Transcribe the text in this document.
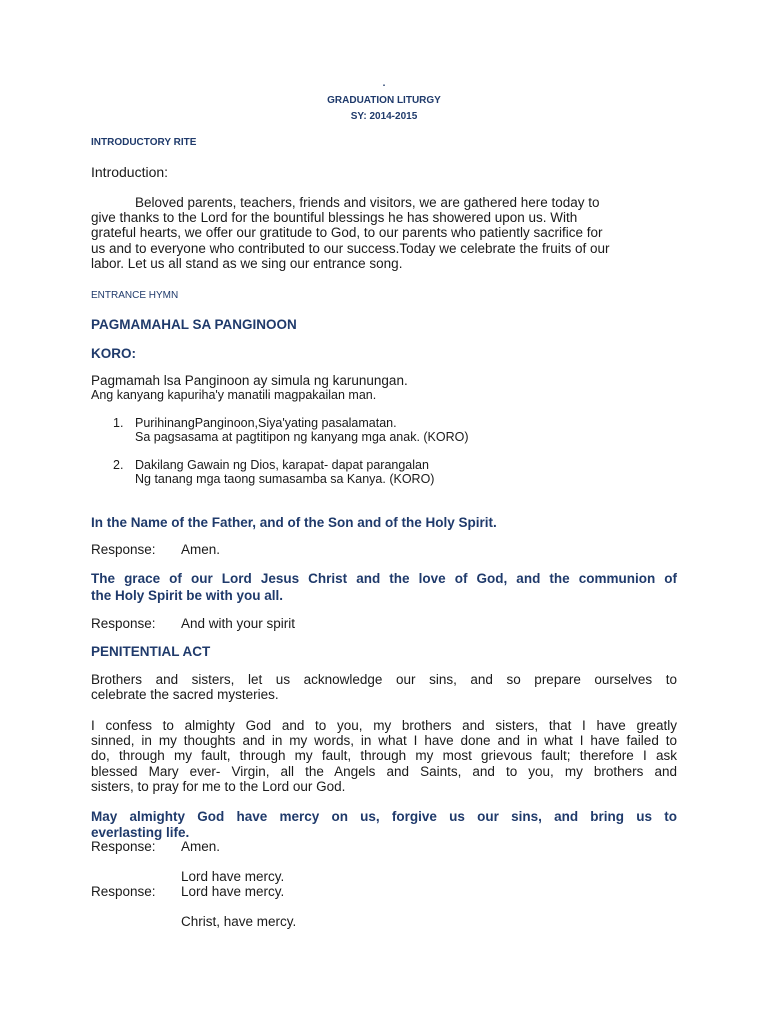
.
GRADUATION LITURGY
SY: 2014-2015
INTRODUCTORY RITE
Introduction:
Beloved parents, teachers, friends and visitors, we are gathered here today to
give thanks to the Lord for the bountiful blessings he has showered upon us. With
grateful hearts, we offer our gratitude to God, to our parents who patiently sacrifice for
us and to everyone who contributed to our success.Today we celebrate the fruits of our
labor. Let us all stand as we sing our entrance song.
ENTRANCE HYMN
PAGMAMAHAL SA PANGINOON
KORO:
Pagmamah lsa Panginoon ay simula ng karunungan.
Ang kanyang kapuriha'y manatili magpakailan man.
1. PurihinangPanginoon,Siya'yating pasalamatan.
Sa pagsasama at pagtitipon ng kanyang mga anak. (KORO)
2. Dakilang Gawain ng Dios, karapat- dapat parangalan
Ng tanang mga taong sumasamba sa Kanya. (KORO)
In the Name of the Father, and of the Son and of the Holy Spirit.
Response: Amen.
The grace of our Lord Jesus Christ and the love of God, and the communion of
the Holy Spirit be with you all.
Response: And with your spirit
PENITENTIAL ACT
Brothers and sisters, let us acknowledge our sins, and so prepare ourselves to
celebrate the sacred mysteries.
I confess to almighty God and to you, my brothers and sisters, that I have greatly
sinned, in my thoughts and in my words, in what I have done and in what I have failed to
do, through my fault, through my fault, through my most grievous fault; therefore I ask
blessed Mary ever- Virgin, all the Angels and Saints, and to you, my brothers and
sisters, to pray for me to the Lord our God.
May almighty God have mercy on us, forgive us our sins, and bring us to
everlasting life.
Response: Amen.
Lord have mercy.
Response: Lord have mercy.
Christ, have mercy.
